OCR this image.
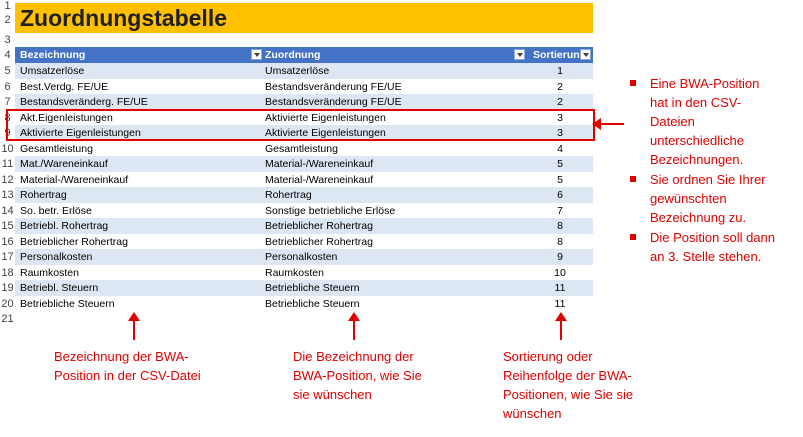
Zuordnungstabelle
Bezeichnung	Zuordnung	Sortierun
Umsatzerlöse	Umsatzerlöse	1
Best.Verdg. FE/UE	Bestandsveränderung FE/UE	2
Bestandsveränderg. FE/UE	Bestandsveränderung FE/UE	2
Akt.Eigenleistungen	Aktivierte Eigenleistungen	3
Aktivierte Eigenleistungen	Aktivierte Eigenleistungen	3
Gesamtleistung	Gesamtleistung	4
Mat./Wareneinkauf	Material-/Wareneinkauf	5
Material-/Wareneinkauf	Material-/Wareneinkauf	5
Rohertrag	Rohertrag	6
So. betr. Erlöse	Sonstige betriebliche Erlöse	7
Betriebl. Rohertrag	Betrieblicher Rohertrag	8
Betrieblicher Rohertrag	Betrieblicher Rohertrag	8
Personalkosten	Personalkosten	9
Raumkosten	Raumkosten	10
Betriebl. Steuern	Betriebliche Steuern	11
Betriebliche Steuern	Betriebliche Steuern	11
1
2
3
4
5
6
7
8
9
10
11
12
13
14
15
16
17
18
19
20
21
Bezeichnung der BWA-
Position in der CSV-Datei
Die Bezeichnung der
BWA-Position, wie Sie
sie wünschen
Sortierung oder
Reihenfolge der BWA-
Positionen, wie Sie sie
wünschen
Eine BWA-Position
hat in den CSV-
Dateien
unterschiedliche
Bezeichnungen.
Sie ordnen Sie Ihrer
gewünschten
Bezeichnung zu.
Die Position soll dann
an 3. Stelle stehen.
